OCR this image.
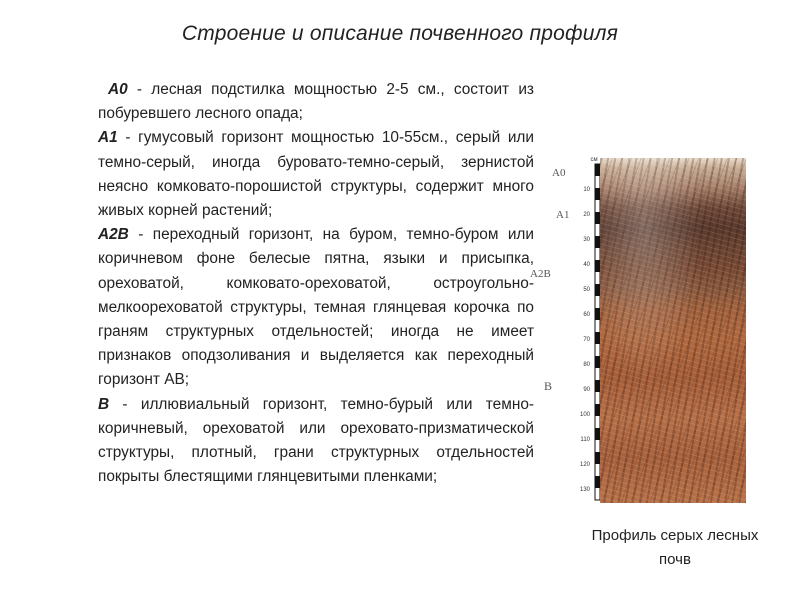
Строение и описание почвенного профиля

А0 - лесная подстилка мощностью 2-5 см., состоит из побуревшего лесного опада;

А1 - гумусовый горизонт мощностью 10-55см., серый или темно-серый, иногда буровато-темно-серый, зернистой неясно комковато-порошистой структуры, содержит много живых корней растений;

А2В - переходный горизонт, на буром, темно-буром или коричневом фоне белесые пятна, языки и присыпка, ореховатой, комковато-ореховатой, остроугольно-мелкоореховатой структуры, темная глянцевая корочка по граням структурных отдельностей; иногда не имеет признаков оподзоливания и выделяется как переходный горизонт АВ;

В - иллювиальный горизонт, темно-бурый или темно-коричневый, ореховатой или ореховато-призматической структуры, плотный, грани структурных отдельностей покрыты блестящими глянцевитыми пленками;

см
А0
А1
А2В
В
10
20
30
40
50
60
70
80
90
100
110
120
130
Профиль серых лесных
почв
